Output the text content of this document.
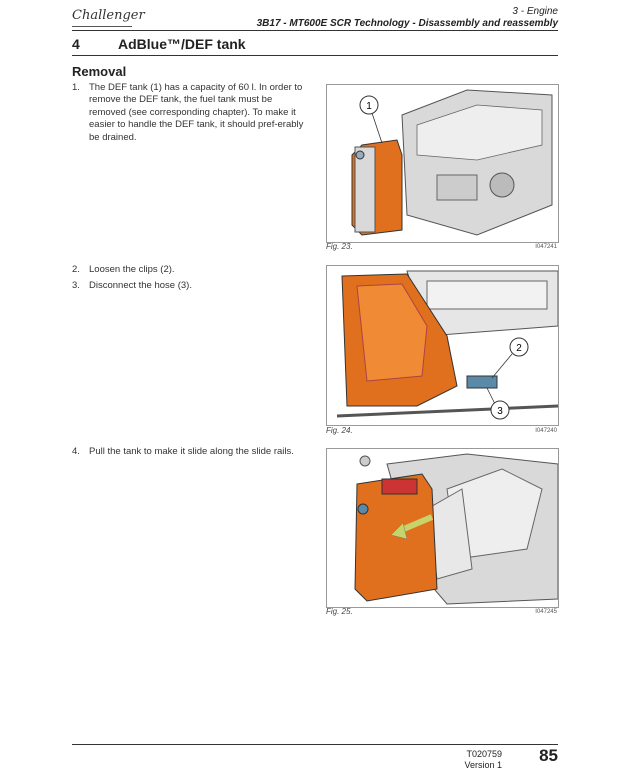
Challenger	3 - Engine
3B17 - MT600E SCR Technology - Disassembly and reassembly
4	AdBlue™/DEF tank
Removal
1. The DEF tank (1) has a capacity of 60 l. In order to remove the DEF tank, the fuel tank must be removed (see corresponding chapter). To make it easier to handle the DEF tank, it should pref-erably be drained.
2. Loosen the clips (2).
3. Disconnect the hose (3).
4. Pull the tank to make it slide along the slide rails.
1
Fig. 23.	I047241
2
3
Fig. 24.	I047240
Fig. 25.	I047245
T020759
Version 1 85
